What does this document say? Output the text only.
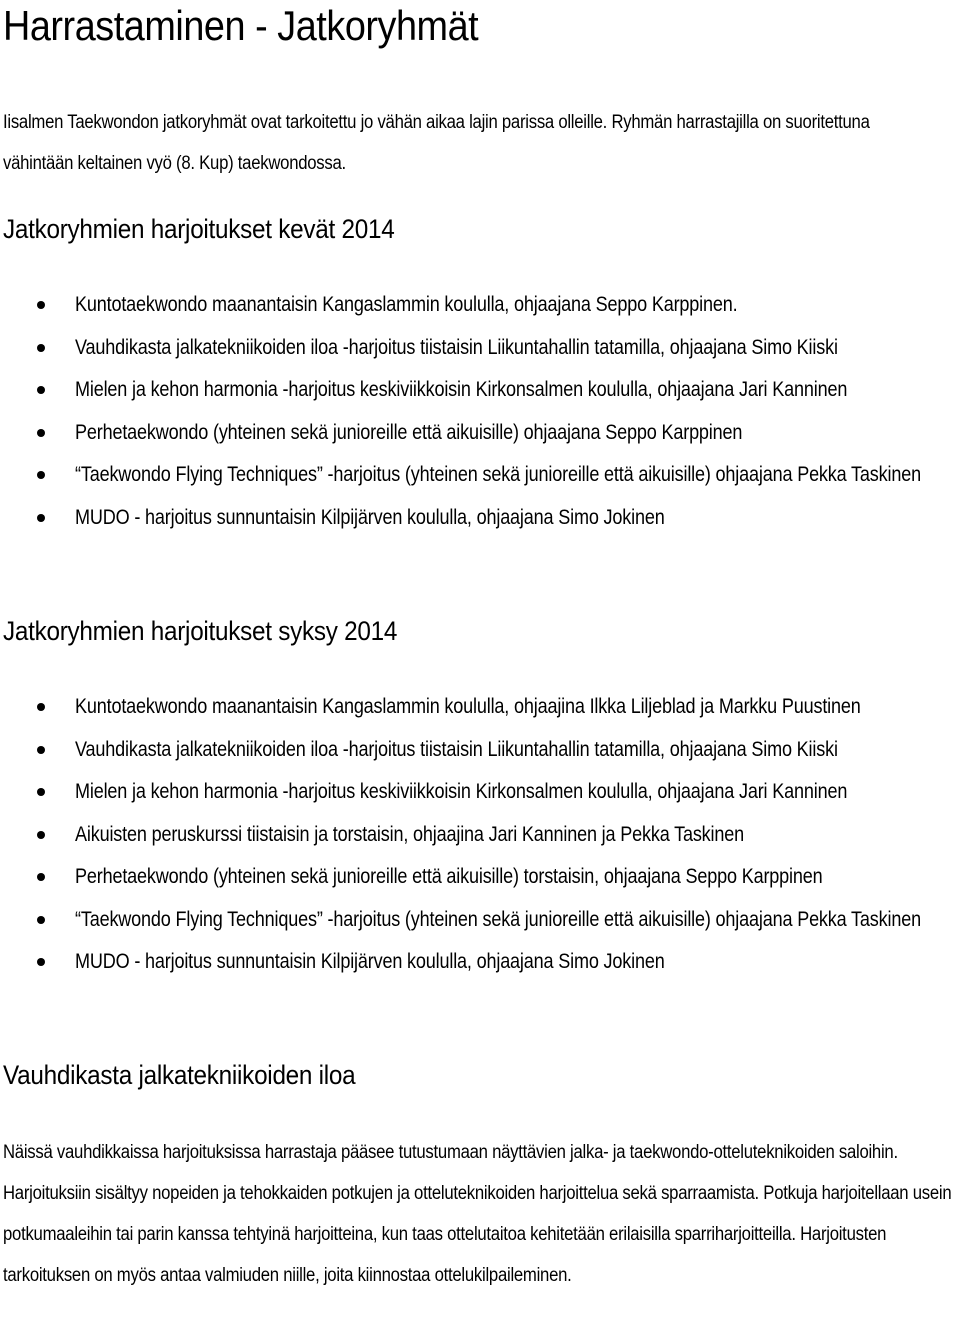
Harrastaminen - Jatkoryhmät

Iisalmen Taekwondon jatkoryhmät ovat tarkoitettu jo vähän aikaa lajin parissa olleille. Ryhmän harrastajilla on suoritettuna vähintään keltainen vyö (8. Kup) taekwondossa.

Jatkoryhmien harjoitukset kevät 2014
Kuntotaekwondo maanantaisin Kangaslammin koululla, ohjaajana Seppo Karppinen.
Vauhdikasta jalkatekniikoiden iloa -harjoitus tiistaisin Liikuntahallin tatamilla, ohjaajana Simo Kiiski
Mielen ja kehon harmonia -harjoitus keskiviikkoisin Kirkonsalmen koululla, ohjaajana Jari Kanninen
Perhetaekwondo (yhteinen sekä junioreille että aikuisille) ohjaajana Seppo Karppinen
“Taekwondo Flying Techniques” -harjoitus (yhteinen sekä junioreille että aikuisille) ohjaajana Pekka Taskinen
MUDO - harjoitus sunnuntaisin Kilpijärven koululla, ohjaajana Simo Jokinen
Jatkoryhmien harjoitukset syksy 2014
Kuntotaekwondo maanantaisin Kangaslammin koululla, ohjaajina Ilkka Liljeblad ja Markku Puustinen
Vauhdikasta jalkatekniikoiden iloa -harjoitus tiistaisin Liikuntahallin tatamilla, ohjaajana Simo Kiiski
Mielen ja kehon harmonia -harjoitus keskiviikkoisin Kirkonsalmen koululla, ohjaajana Jari Kanninen
Aikuisten peruskurssi tiistaisin ja torstaisin, ohjaajina Jari Kanninen ja Pekka Taskinen
Perhetaekwondo (yhteinen sekä junioreille että aikuisille) torstaisin, ohjaajana Seppo Karppinen
“Taekwondo Flying Techniques” -harjoitus (yhteinen sekä junioreille että aikuisille) ohjaajana Pekka Taskinen
MUDO - harjoitus sunnuntaisin Kilpijärven koululla, ohjaajana Simo Jokinen
Vauhdikasta jalkatekniikoiden iloa

Näissä vauhdikkaissa harjoituksissa harrastaja pääsee tutustumaan näyttävien jalka- ja taekwondo-otteluteknikoiden saloihin. Harjoituksiin sisältyy nopeiden ja tehokkaiden potkujen ja otteluteknikoiden harjoittelua sekä sparraamista. Potkuja harjoitellaan usein potkumaaleihin tai parin kanssa tehtyinä harjoitteina, kun taas ottelutaitoa kehitetään erilaisilla sparriharjoitteilla. Harjoitusten tarkoituksen on myös antaa valmiuden niille, joita kiinnostaa ottelukilpaileminen.
